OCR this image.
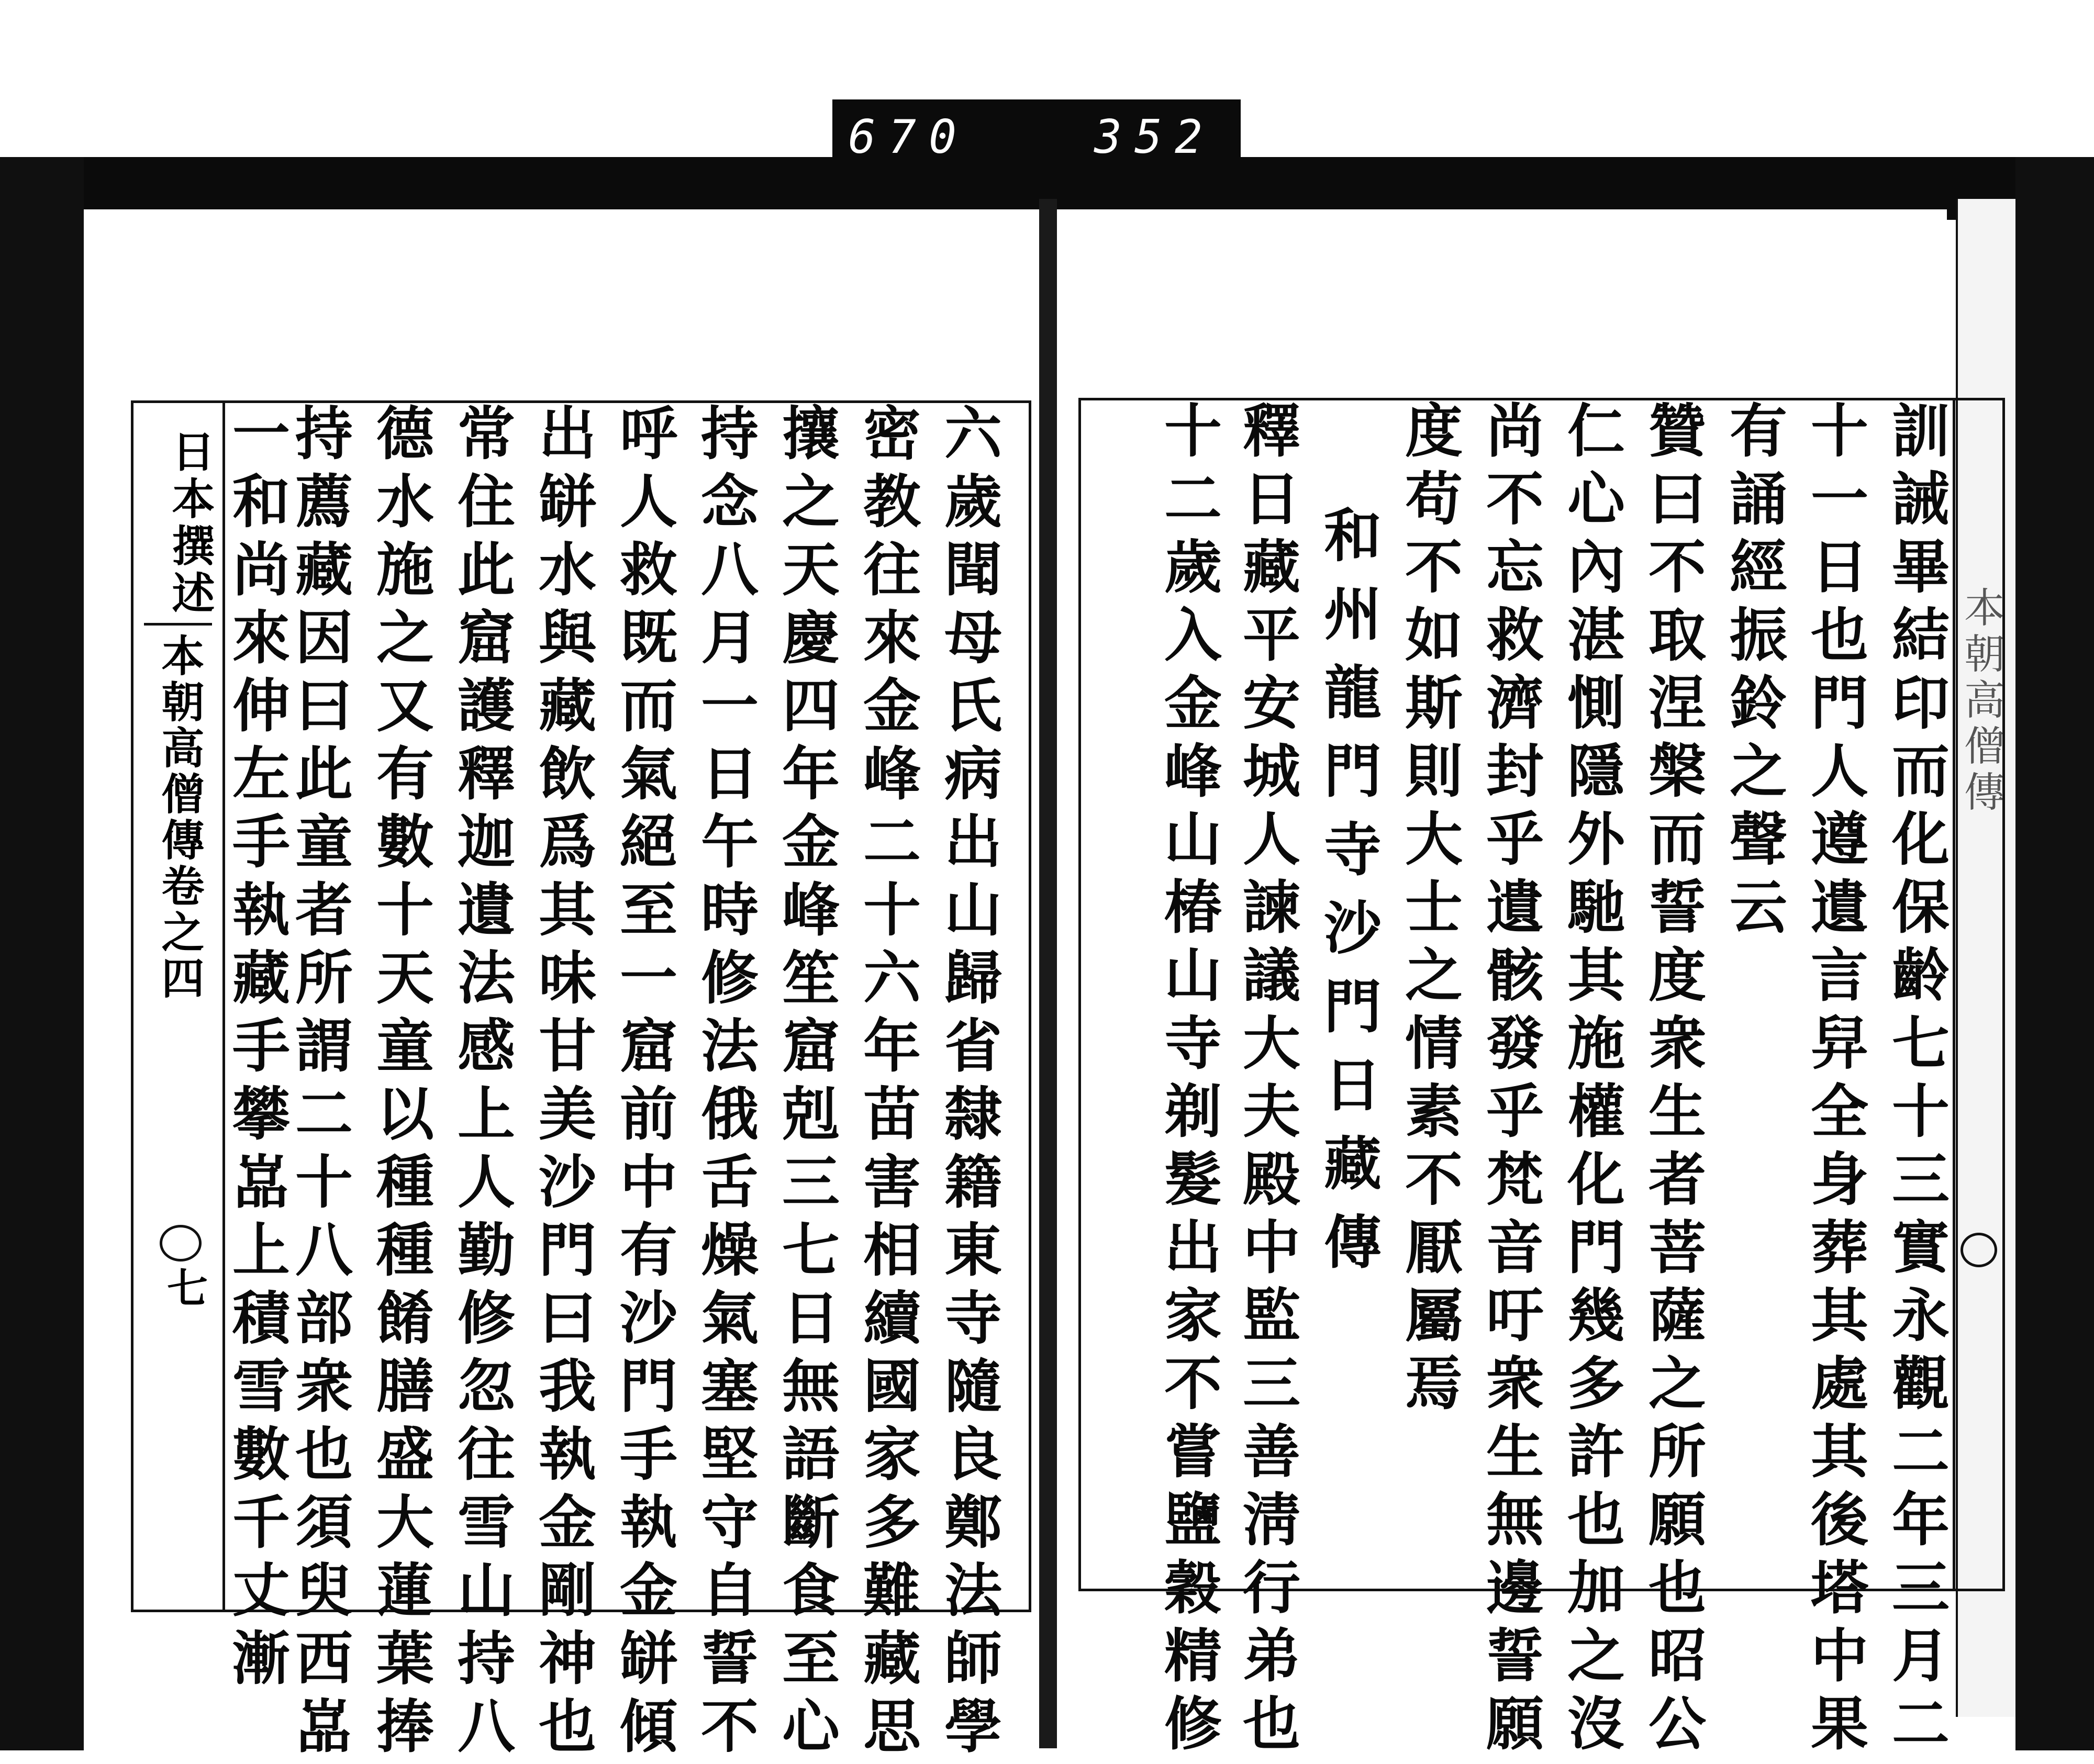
670	352
本朝高僧傳
日本撰述
本朝高僧傳卷之四
七	六歲聞母氏病出山歸省隸籍東寺隨良鄭法師學
密教往來金峰二十六年苗害相續國家多難藏思
攘之天慶四年金峰笙窟剋三七日無語斷食至心
持念八月一日午時修法俄舌燥氣塞堅守自誓不
呼人救既而氣絕至一窟前中有沙門手執金缾傾
出缾水與藏飲爲其味甘美沙門曰我執金剛神也
常住此窟護釋迦遺法感上人勤修忽往雪山持八
德水施之又有數十天童以種種餚膳盛大蓮葉捧
持薦藏因曰此童者所謂二十八部衆也須臾西嵓
一和尚來伸左手執藏手攀嵓上積雪數千丈漸	訓誡畢結印而化保齡七十三實永觀二年三月二
十一日也門人遵遺言舁全身葬其處其後塔中果
有誦經振鈴之聲云
贊曰不取涅槃而誓度衆生者菩薩之所願也昭公
仁心內湛惻隱外馳其施權化門幾多許也加之沒
尚不忘救濟封乎遺骸發乎梵音吁衆生無邊誓願
度苟不如斯則大士之情素不厭屬焉
和州龍門寺沙門日藏傳
釋日藏平安城人諫議大夫殿中監三善淸行弟也
十二歲入金峰山椿山寺剃髮出家不嘗鹽穀精修
